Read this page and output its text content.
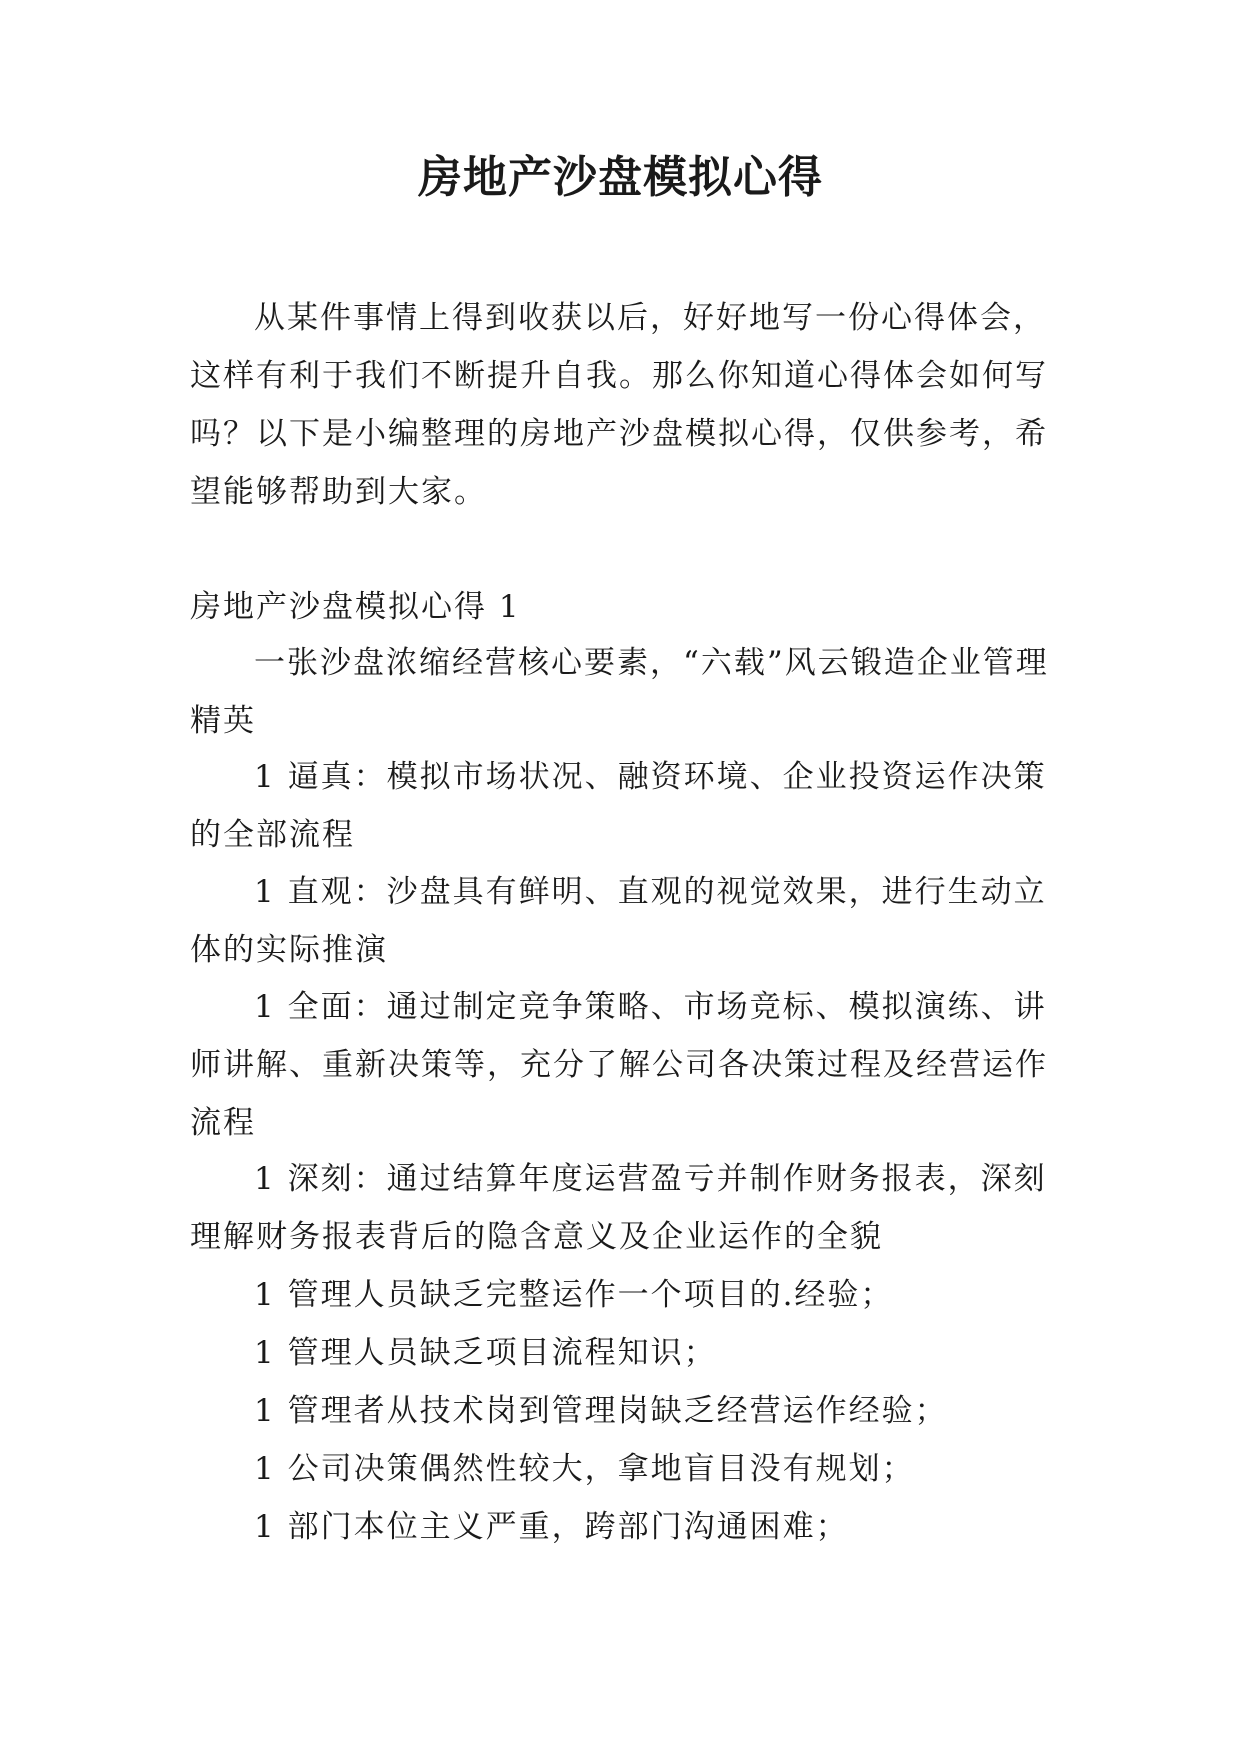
房地产沙盘模拟心得

从某件事情上得到收获以后，好好地写一份心得体会，这样有利于我们不断提升自我。那么你知道心得体会如何写吗？以下是小编整理的房地产沙盘模拟心得，仅供参考，希望能够帮助到大家。

房地产沙盘模拟心得 1

一张沙盘浓缩经营核心要素，“六载”风云锻造企业管理精英

1 逼真：模拟市场状况、融资环境、企业投资运作决策的全部流程

1 直观：沙盘具有鲜明、直观的视觉效果，进行生动立体的实际推演

1 全面：通过制定竞争策略、市场竞标、模拟演练、讲师讲解、重新决策等，充分了解公司各决策过程及经营运作流程

1 深刻：通过结算年度运营盈亏并制作财务报表，深刻理解财务报表背后的隐含意义及企业运作的全貌

1 管理人员缺乏完整运作一个项目的.经验；

1 管理人员缺乏项目流程知识；

1 管理者从技术岗到管理岗缺乏经营运作经验；

1 公司决策偶然性较大，拿地盲目没有规划；

1 部门本位主义严重，跨部门沟通困难；
